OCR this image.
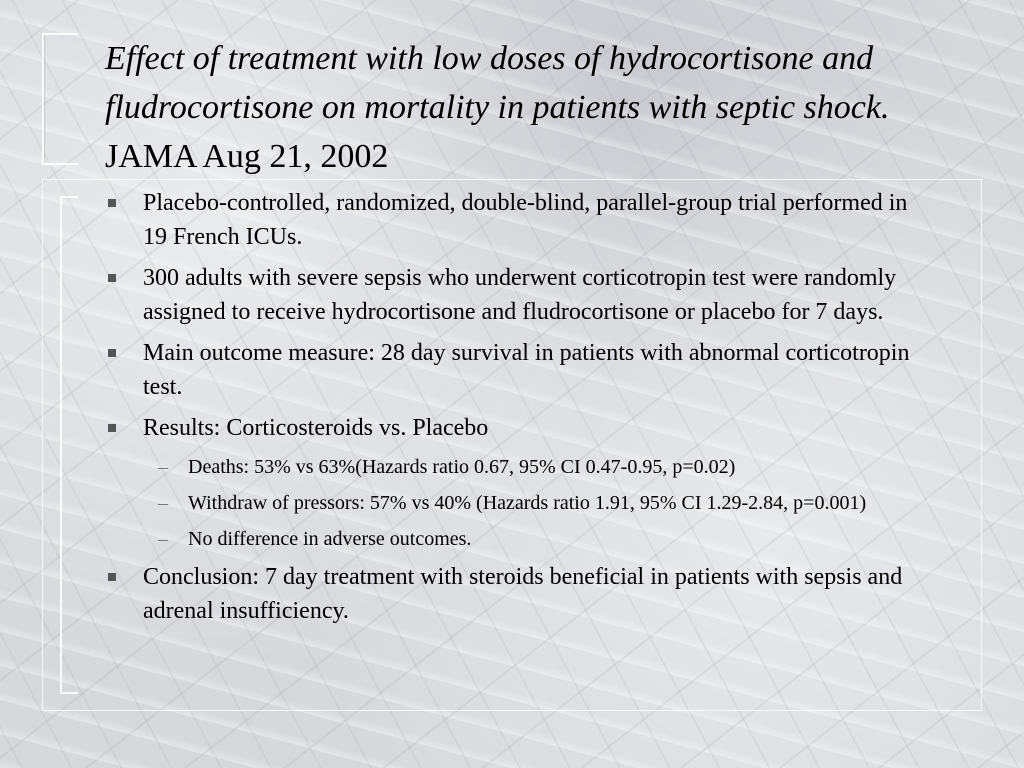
Effect of treatment with low doses of hydrocortisone and fludrocortisone on mortality in patients with septic shock.  JAMA Aug 21, 2002
Placebo-controlled, randomized, double-blind, parallel-group trial performed in 19 French ICUs.
300 adults with severe sepsis who underwent corticotropin test were randomly assigned to receive hydrocortisone and fludrocortisone or placebo for 7 days.
Main outcome measure: 28 day survival in patients with abnormal corticotropin test.
Results: Corticosteroids vs. Placebo
– Deaths: 53% vs 63%(Hazards ratio 0.67, 95% CI 0.47-0.95, p=0.02)
– Withdraw of pressors: 57% vs 40% (Hazards ratio 1.91, 95% CI 1.29-2.84, p=0.001)
– No difference in adverse outcomes.
Conclusion: 7 day treatment with steroids beneficial in patients with sepsis and adrenal insufficiency.
